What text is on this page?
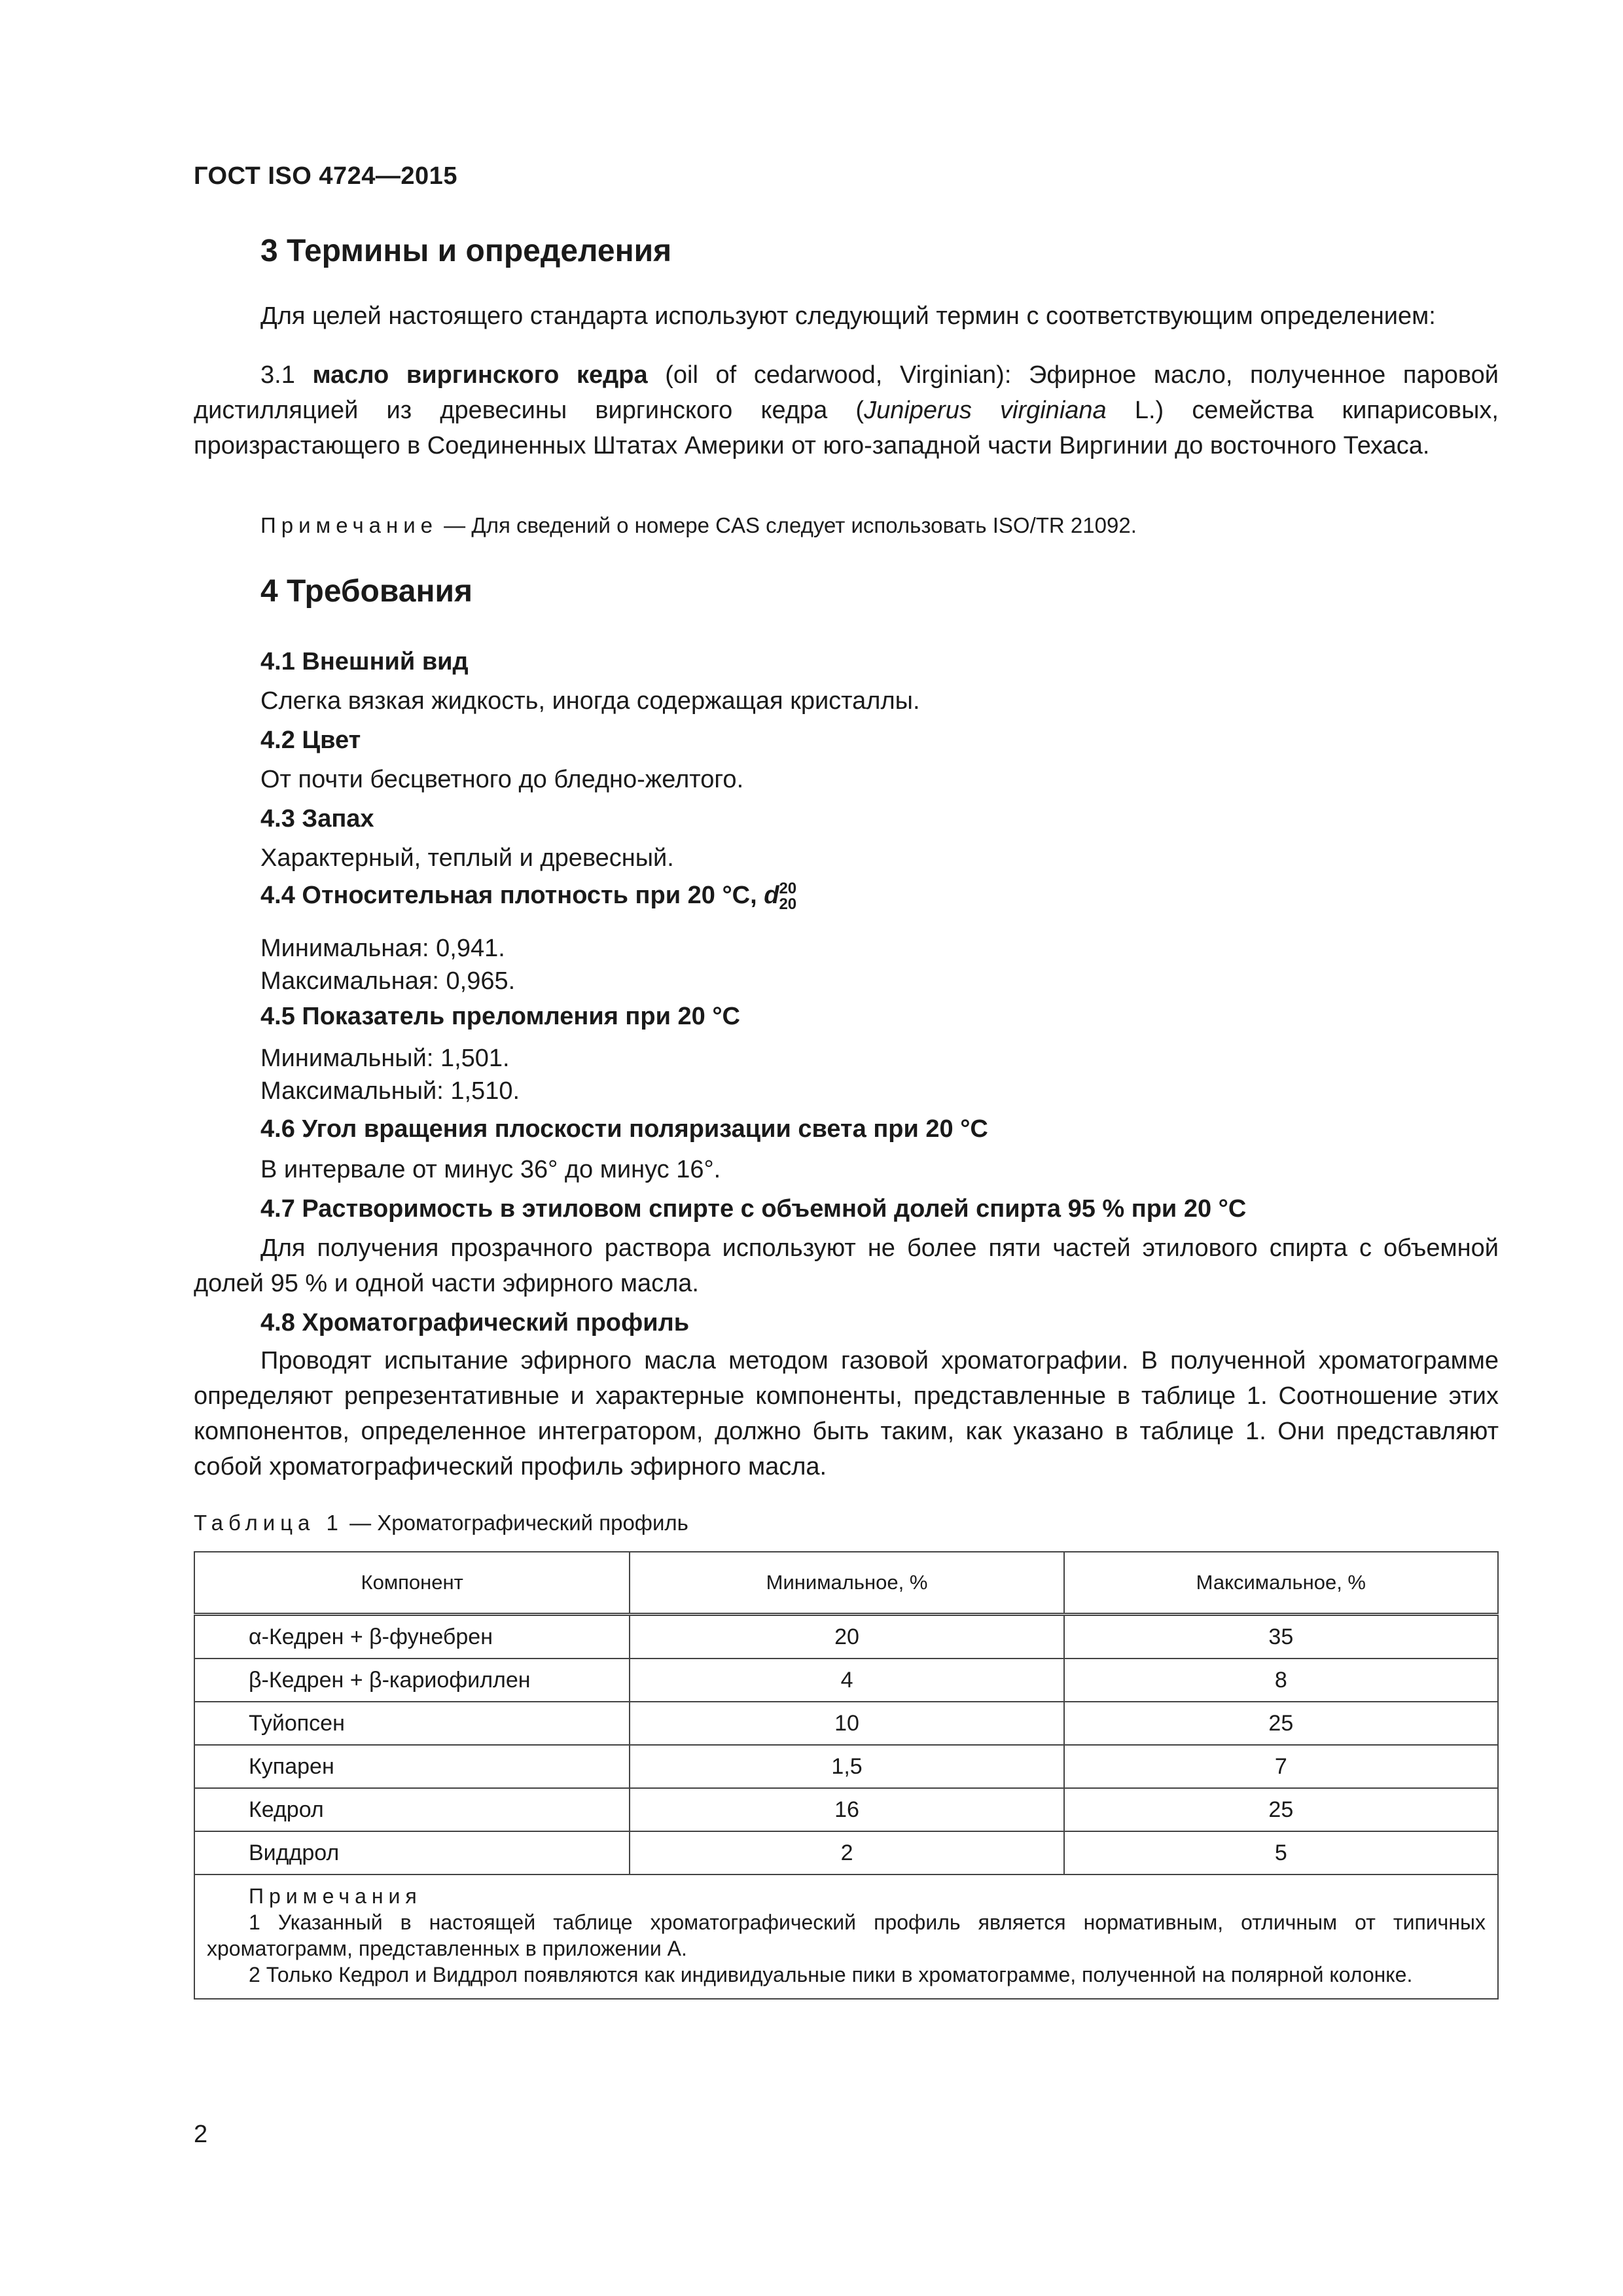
ГОСТ ISO 4724—2015
3 Термины и определения
Для целей настоящего стандарта используют следующий термин с соответствующим определением:
3.1 масло виргинского кедра (oil of cedarwood, Virginian): Эфирное масло, полученное паровой дистилляцией из древесины виргинского кедра (Juniperus virginiana L.) семейства кипарисовых, произрастающего в Соединенных Штатах Америки от юго-западной части Виргинии до восточного Техаса.
Примечание — Для сведений о номере CAS следует использовать ISO/TR 21092.
4 Требования
4.1 Внешний вид
Слегка вязкая жидкость, иногда содержащая кристаллы.
4.2 Цвет
От почти бесцветного до бледно-желтого.
4.3 Запах
Характерный, теплый и древесный.
4.4 Относительная плотность при 20 °С, d 20
20
Минимальная: 0,941.
Максимальная: 0,965.
4.5 Показатель преломления при 20 °С
Минимальный: 1,501.
Максимальный: 1,510.
4.6 Угол вращения плоскости поляризации света при 20 °С
В интервале от минус 36° до минус 16°.
4.7 Растворимость в этиловом спирте с объемной долей спирта 95 % при 20 °С
Для получения прозрачного раствора используют не более пяти частей этилового спирта с объемной долей 95 % и одной части эфирного масла.
4.8 Хроматографический профиль
Проводят испытание эфирного масла методом газовой хроматографии. В полученной хроматограмме определяют репрезентативные и характерные компоненты, представленные в таблице 1. Соотношение этих компонентов, определенное интегратором, должно быть таким, как указано в таблице 1. Они представляют собой хроматографический профиль эфирного масла.
Таблица 1 — Хроматографический профиль
Компонент	Минимальное, %	Максимальное, %
α-Кедрен + β-фунебрен	20	35
β-Кедрен + β-кариофиллен	4	8
Туйопсен	10	25
Купарен	1,5	7
Кедрол	16	25
Виддрол	2	5

Примечания
1 Указанный в настоящей таблице хроматографический профиль является нормативным, отличным от типичных хроматограмм, представленных в приложении А.
2 Только Кедрол и Виддрол появляются как индивидуальные пики в хроматограмме, полученной на полярной колонке.		
2
